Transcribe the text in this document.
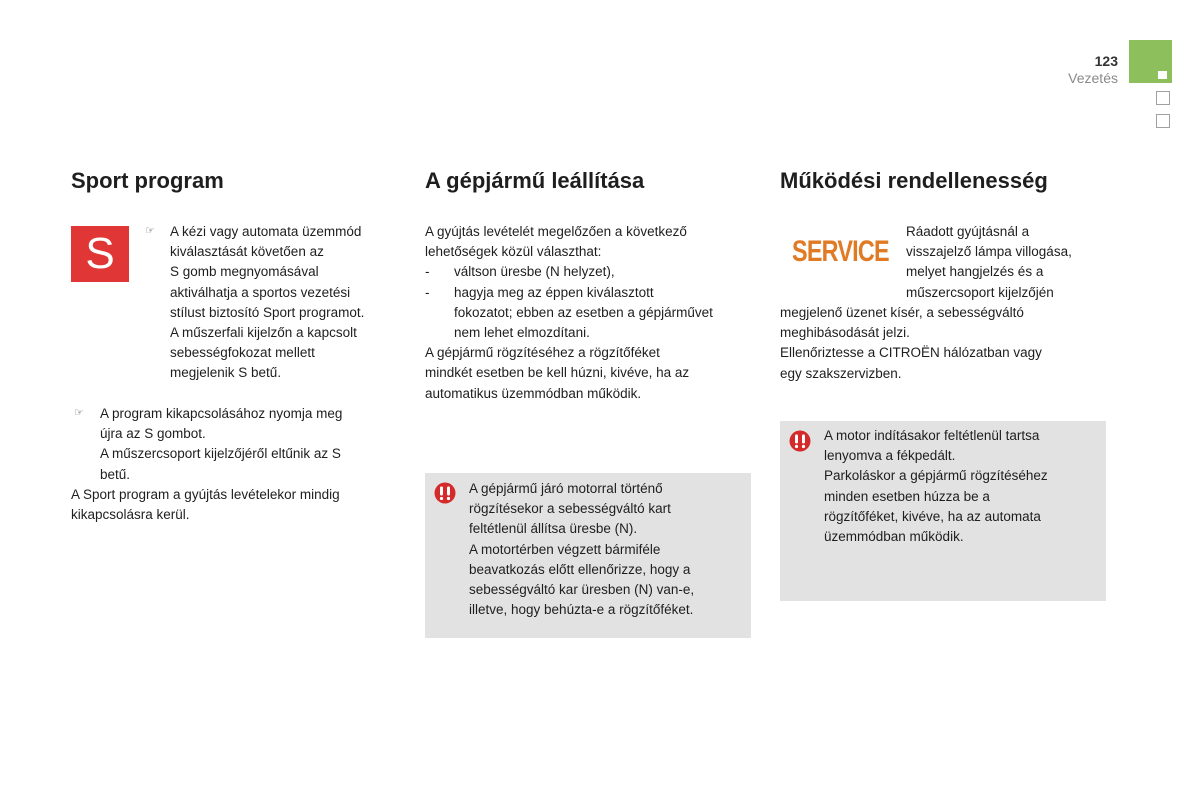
123
Vezetés
Sport program
S	☞ A kézi vagy automata üzemmód
kiválasztását követően az
S gomb megnyomásával
aktiválhatja a sportos vezetési
stílust biztosító Sport programot.
A műszerfali kijelzőn a kapcsolt
sebességfokozat mellett
megjelenik S betű.
☞ A program kikapcsolásához nyomja meg
újra az S gombot.
A műszercsoport kijelzőjéről eltűnik az S
betű.
A Sport program a gyújtás levételekor mindig
kikapcsolásra kerül.
A gépjármű leállítása
A gyújtás levételét megelőzően a következő
lehetőségek közül választhat:
- váltson üresbe (N helyzet),
- hagyja meg az éppen kiválasztott
fokozatot; ebben az esetben a gépjárművet
nem lehet elmozdítani.
A gépjármű rögzítéséhez a rögzítőféket
mindkét esetben be kell húzni, kivéve, ha az
automatikus üzemmódban működik.
A gépjármű járó motorral történő
rögzítésekor a sebességváltó kart
feltétlenül állítsa üresbe (N).
A motortérben végzett bármiféle
beavatkozás előtt ellenőrizze, hogy a
sebességváltó kar üresben (N) van-e,
illetve, hogy behúzta-e a rögzítőféket.
Működési rendellenesség
SERVICE
Ráadott gyújtásnál a
visszajelző lámpa villogása,
melyet hangjelzés és a
műszercsoport kijelzőjén
megjelenő üzenet kísér, a sebességváltó
meghibásodását jelzi.
Ellenőriztesse a CITROËN hálózatban vagy
egy szakszervizben.
A motor indításakor feltétlenül tartsa
lenyomva a fékpedált.
Parkoláskor a gépjármű rögzítéséhez
minden esetben húzza be a
rögzítőféket, kivéve, ha az automata
üzemmódban működik.
